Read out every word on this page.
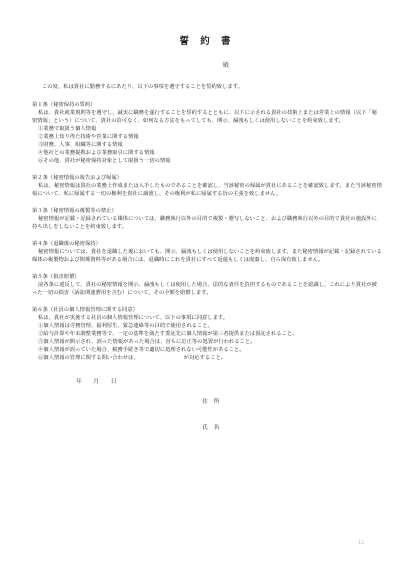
誓 約 書
殿

この度、私は貴社に勤務するにあたり、以下の事項を遵守することを誓約致します。

第１条（秘密保持の誓約）

私は、貴社就業規則等を遵守し、誠実に職務を遂行することを誓約するとともに、以下に示される貴社の技術上または営業上の情報（以下「秘密情報」という）について、貴社の許可なく、如何なる方法をもってしても、開示、漏洩もしくは使用しないことを約束致します。

①業務で取扱う個人情報

②業務上知り得た技術や営業に関する情報

③財務、人事、組織等に関する情報

④他社との業務提携および業務取引に関する情報

⑥その他、貴社が秘密保持対象として取扱う一切の情報

第２条（秘密情報の報告および帰属）

私は、秘密情報は貴社の業務上作成または入手したものであることを確認し、当該秘密の帰属が貴社にあることを確認致します。また当該秘密情報について、私に帰属する一切の権利を貴社に譲渡し、その権利が私に帰属する旨の主張を致しません。

第３条（秘密情報の複製等の禁止）

秘密情報が記載・記録されている媒体については、職務執行以外の目的で複製・謄写しないこと、および職務執行以外の目的で貴社の施設外に持ち出しをしないことを約束致します。

第４条（退職後の秘密保持）

秘密情報については、貴社を退職した後においても、開示、漏洩もしくは使用しないことを約束致します。また秘密情報が記載・記録されている媒体の複製物および関係資料等がある場合には、退職時にこれを貴社にすべて返還もしくは廃棄し、自ら保有致しません。

第５条（損害賠償）

前各条に違反して、貴社の秘密情報を開示、漏洩もしくは使用した場合、法的な責任を負担するものであることを認識し、これにより貴社が被った一切の損害（訴訟関連費用を含む）について、その全額を賠償します。

第６条（社員の個人情報管理に関する同意）

私は、貴社が実施する社員の個人情報管理について、以下の事項に同意します。

①個人情報は労務管理、福利厚生、緊急連絡等の目的で使用されること。

②給与計算や年末調整業務等で、一定の基準を満たす委託先に個人情報が第三者提供または預託されること。

⑤個人情報が開示され、誤った情報があった場合は、直ちに訂正等の処置が行われること。

④個人情報が誤っていた場合、税務手続き等で適切に処理されない可能性があること。

⑥個人情報の管理に関する問い合わせは、　　　　　　　　　が対応すること。

年　　月　　日
住　所
氏　名
12
